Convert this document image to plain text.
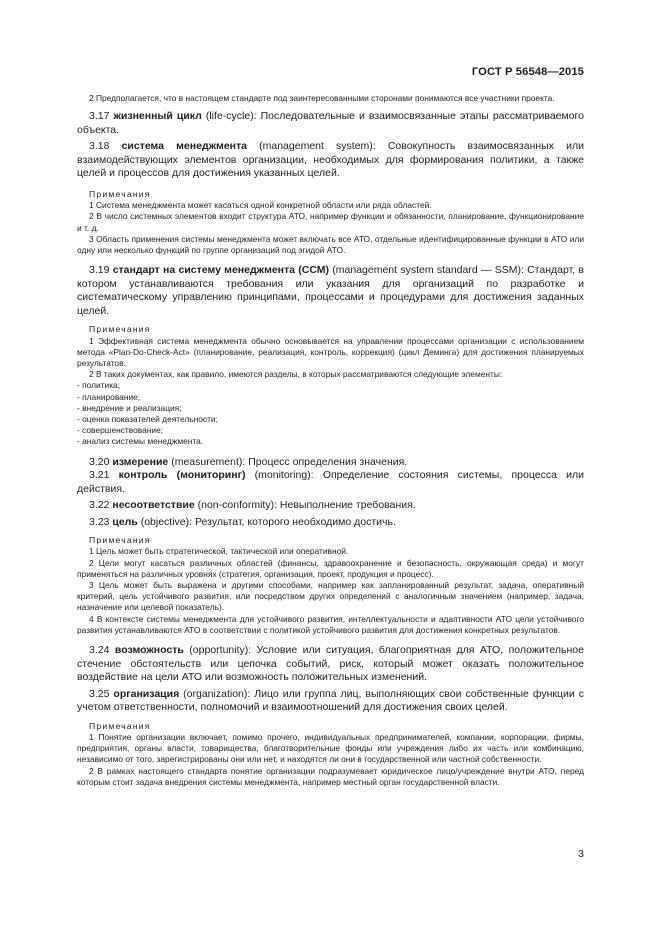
ГОСТ Р 56548—2015

2 Предполагается, что в настоящем стандарте под заинтересованными сторонами понимаются все участники проекта.

3.17 жизненный цикл (life-cycle): Последовательные и взаимосвязанные этапы рассматриваемого объекта.

3.18 система менеджмента (management system): Совокупность взаимосвязанных или взаимодействующих элементов организации, необходимых для формирования политики, а также целей и процессов для достижения указанных целей.

Примечания

1 Система менеджмента может касаться одной конкретной области или ряда областей.

2 В число системных элементов входит структура АТО, например функции и обязанности, планирование, функционирование и т. д.

3 Область применения системы менеджмента может включать все АТО, отдельные идентифицированные функции в АТО или одну или несколько функций по группе организаций под эгидой АТО.

3.19 стандарт на систему менеджмента (ССМ) (management system standard — SSM): Стандарт, в котором устанавливаются требования или указания для организаций по разработке и систематическому управлению принципами, процессами и процедурами для достижения заданных целей.

Примечания

1 Эффективная система менеджмента обычно основывается на управлении процессами организации с использованием метода «Plan-Do-Check-Act» (планирование, реализация, контроль, коррекция) (цикл Деминга) для достижения планируемых результатов.

2 В таких документах, как правило, имеются разделы, в которых рассматриваются следующие элементы:

- политика;

- планирование;

- внедрение и реализация;

- оценка показателей деятельности;

- совершенствование;

- анализ системы менеджмента.

3.20 измерение (measurement): Процесс определения значения.

3.21 контроль (мониторинг) (monitoring): Определение состояния системы, процесса или действия.

3.22 несоответствие (non-conformity): Невыполнение требования.

3.23 цель (objective): Результат, которого необходимо достичь.

Примечания

1 Цель может быть стратегической, тактической или оперативной.

2 Цели могут касаться различных областей (финансы, здравоохранение и безопасность, окружающая среда) и могут применяться на различных уровнях (стратегия, организация, проект, продукция и процесс).

3 Цель может быть выражена и другими способами, например как запланированный результат, задача, оперативный критерий, цель устойчивого развития, или посредством других определений с аналогичным значением (например, задача, назначение или целевой показатель).

4 В контексте системы менеджмента для устойчивого развития, интеллектуальности и адаптивности АТО цели устойчивого развития устанавливаются АТО в соответствии с политикой устойчивого развития для достижения конкретных результатов.

3.24 возможность (opportunity): Условие или ситуация, благоприятная для АТО, положительное стечение обстоятельств или цепочка событий, риск, который может оказать положительное воздействие на цели АТО или возможность положительных изменений.

3.25 организация (organization): Лицо или группа лиц, выполняющих свои собственные функции с учетом ответственности, полномочий и взаимоотношений для достижения своих целей.

Примечания

1 Понятие организации включает, помимо прочего, индивидуальных предпринимателей, компании, корпорации, фирмы, предприятия, органы власти, товарищества, благотворительные фонды или учреждения либо их часть или комбинацию, независимо от того, зарегистрированы они или нет, и находятся ли они в государственной или частной собственности.

2 В рамках настоящего стандарта понятие организации подразумевает юридическое лицо/учреждение внутри АТО, перед которым стоит задача внедрения системы менеджмента, например местный орган государственной власти.

3
